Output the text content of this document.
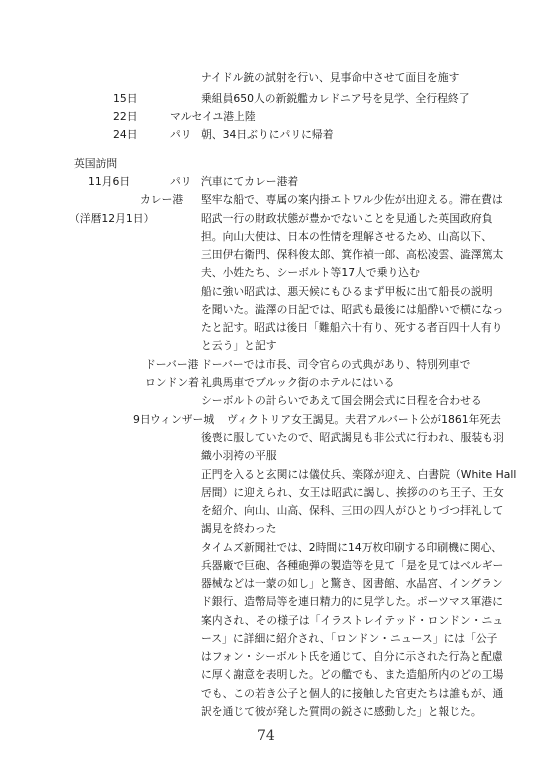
ナイドル銃の試射を行い、見事命中させて面目を施す
15日	乗組員650人の新鋭艦カレドニア号を見学、全行程終了
22日	マルセイユ港上陸
24日	パリ 朝、34日ぶりにパリに帰着
英国訪問
11月6日	パリ 汽車にてカレー港着
カレー港 堅牢な船で、専属の案内掛エトワル少佐が出迎える。滞在費は
（洋暦12月1日）	昭武一行の財政状態が豊かでないことを見通した英国政府負
担。向山大使は、日本の性情を理解させるため、山高以下、
三田伊右衛門、保科俊太郎、箕作禎一郎、高松凌雲、澁澤篤太
夫、小姓たち、シーボルト等17人で乗り込む
船に強い昭武は、悪天候にもひるまず甲板に出て船長の説明
を聞いた。澁澤の日記では、昭武も最後には船酔いで横になっ
たと記す。昭武は後日「難船六十有り、死する者百四十人有り
と云う」と記す
ドーバー港 ドーバーでは市長、司令官らの式典があり、特別列車で
ロンドン着 礼典馬車でブルック街のホテルにはいる
シーボルトの計らいであえて国会開会式に日程を合わせる
9日 ウィンザー城 ヴィクトリア女王謁見。夫君アルバート公が1861年死去
後喪に服していたので、昭武謁見も非公式に行われ、服装も羽
織小羽袴の平服
正門を入ると玄関には儀仗兵、楽隊が迎え、白書院（White Hall
居間）に迎えられ、女王は昭武に謁し、挨拶ののち王子、王女
を紹介、向山、山高、保科、三田の四人がひとりづつ拝礼して
謁見を終わった
タイムズ新聞社では、2時間に14万枚印刷する印刷機に関心、
兵器廠で巨砲、各種砲弾の製造等を見て「是を見てはベルギー
器械などは一蒙の如し」と驚き、図書館、水晶宮、イングラン
ド銀行、造幣局等を連日精力的に見学した。ポーツマス軍港に
案内され、その様子は「イラストレイテッド・ロンドン・ニュ
ース」に詳細に紹介され、「ロンドン・ニュース」には「公子
はフォン・シーボルト氏を通じて、自分に示された行為と配慮
に厚く謝意を表明した。どの艦でも、また造船所内のどの工場
でも、この若き公子と個人的に接触した官吏たちは誰もが、通
訳を通じて彼が発した質問の鋭さに感動した」と報じた。
74
